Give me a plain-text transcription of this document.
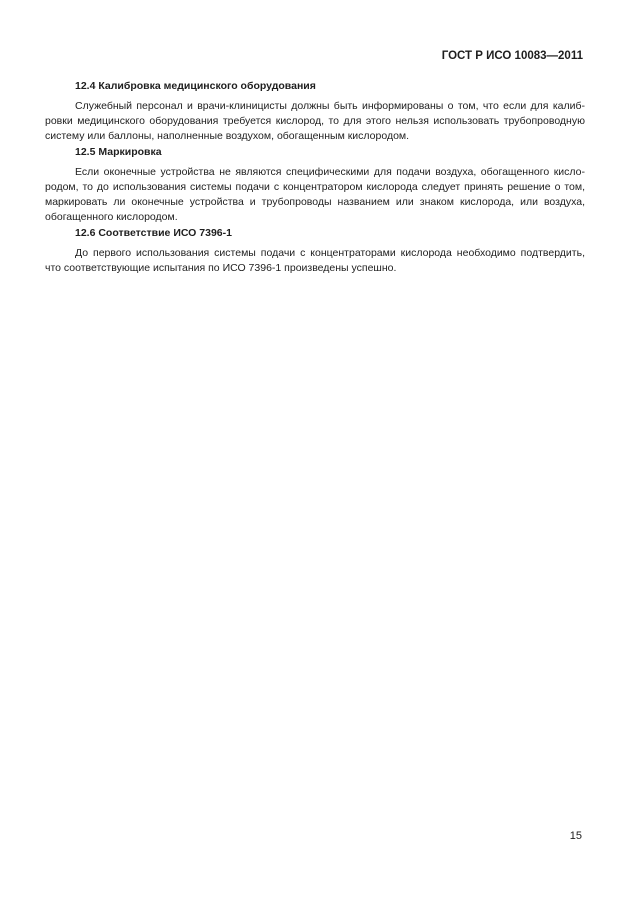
ГОСТ Р ИСО 10083—2011
12.4 Калибровка медицинского оборудования

Служебный персонал и врачи-клиницисты должны быть информированы о том, что если для калиб-

ровки медицинского оборудования требуется кислород, то для этого нельзя использовать трубопроводную

систему или баллоны, наполненные воздухом, обогащенным кислородом.

12.5 Маркировка

Если оконечные устройства не являются специфическими для подачи воздуха, обогащенного кисло-

родом, то до использования системы подачи с концентратором кислорода следует принять решение о том,

маркировать ли оконечные устройства и трубопроводы названием или знаком кислорода, или воздуха,

обогащенного кислородом.

12.6 Соответствие ИСО 7396-1

До первого использования системы подачи с концентраторами кислорода необходимо подтвердить,

что соответствующие испытания по ИСО 7396-1 произведены успешно.

15
